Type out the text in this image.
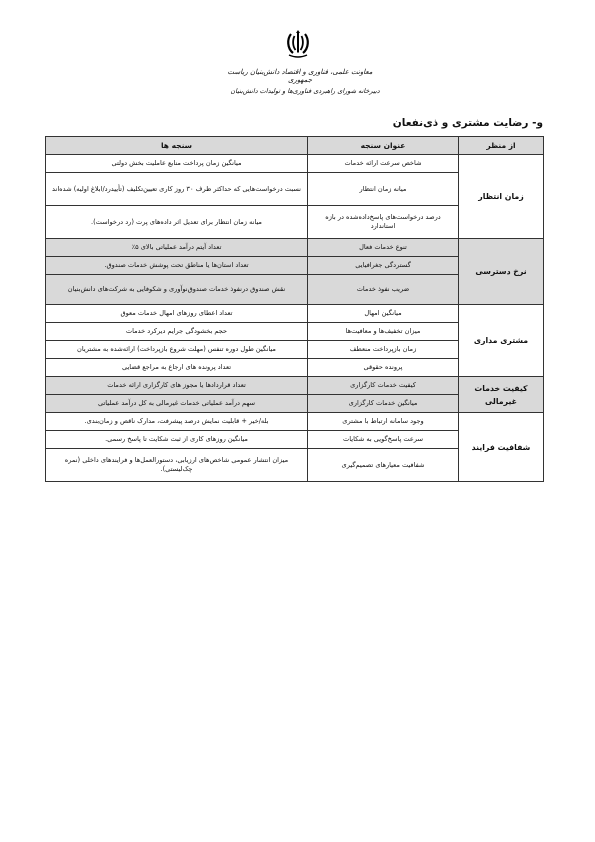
معاونت علمی، فناوری و اقتصاد دانش‌بنیان ریاست جمهوری
دبیرخانه شورای راهبردی فناوری‌ها و تولیدات دانش‌بنیان
و- رضایت مشتری و ذی‌نفعان
از منظر	عنوان سنجه	سنجه ها
زمان انتظار	شاخص سرعت ارائه خدمات	میانگین زمان پرداخت منابع عاملیت بخش دولتی
	میانه زمان انتظار	نسبت درخواست‌هایی که حداکثر ظرف ۳۰ روز کاری تعیین‌تکلیف (تأییدرد/ابلاغ اولیه) شده‌اند
	درصد درخواست‌های پاسخ‌داده‌شده در بازه استاندارد	میانه زمان انتظار برای تعدیل اثر داده‌های پرت (رد درخواست).
نرخ دسترسی	تنوع خدمات فعال	تعداد آیتم درآمد عملیاتی بالای ۵٪
	گستردگی جغرافیایی	تعداد استان‌ها یا مناطق تحت پوشش خدمات صندوق.
	ضریب نفوذ خدمات	نقش صندوق درنفوذ خدمات صندوق‌نوآوری و شکوفایی به شرکت‌های دانش‌بنیان
مشتری مداری	میانگین امهال	تعداد اعطای روزهای امهال خدمات معوق
	میزان تخفیف‌ها و معافیت‌ها	حجم بخشودگی جرایم دیرکرد خدمات
	زمان بازپرداخت منعطف	میانگین طول دوره تنفس (مهلت شروع بازپرداخت) ارائه‌شده به مشتریان
	پرونده حقوقی	تعداد پرونده های ارجاع به مراجع قضایی
کیفیت خدمات غیرمالی	کیفیت خدمات کارگزاری	تعداد قراردادها یا مجوز های کارگزاری ارائه خدمات
	میانگین خدمات کارگزاری	سهم درآمد عملیاتی خدمات غیرمالی به کل درآمد عملیاتی
شفافیت فرایند	وجود سامانه ارتباط با مشتری	بله/خیر + قابلیت نمایش درصد پیشرفت، مدارک ناقص و زمان‌بندی.
	سرعت پاسخ‌گویی به شکایات	میانگین روزهای کاری از ثبت شکایت تا پاسخ رسمی.
	شفافیت معیارهای تصمیم‌گیری	میزان انتشار عمومی شاخص‌های ارزیابی، دستورالعمل‌ها و فرایندهای داخلی (نمره چک‌لیستی).
